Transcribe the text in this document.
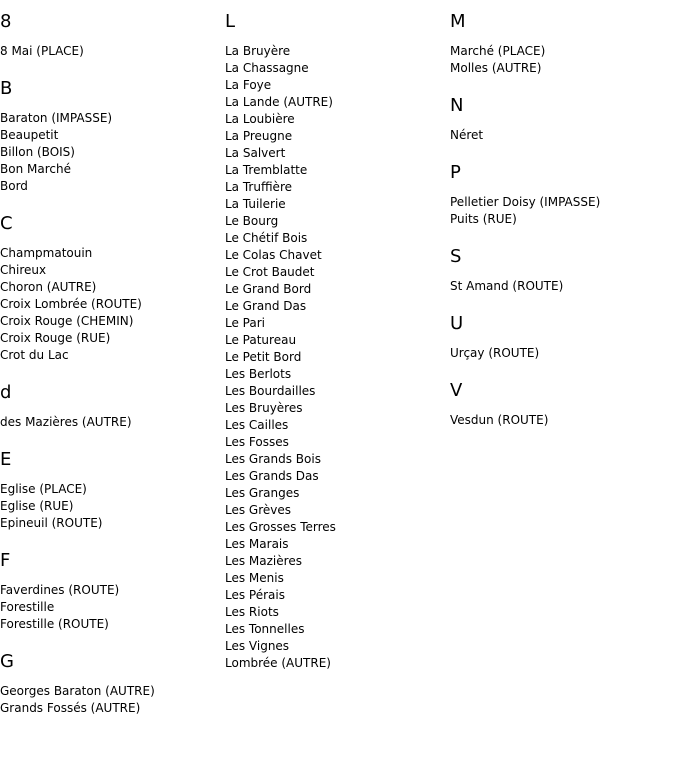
8
8 Mai (PLACE)
B
Baraton (IMPASSE)
Beaupetit
Billon (BOIS)
Bon Marché
Bord
C
Champmatouin
Chireux
Choron (AUTRE)
Croix Lombrée (ROUTE)
Croix Rouge (CHEMIN)
Croix Rouge (RUE)
Crot du Lac
d
des Mazières (AUTRE)
E
Eglise (PLACE)
Eglise (RUE)
Epineuil (ROUTE)
F
Faverdines (ROUTE)
Forestille
Forestille (ROUTE)
G
Georges Baraton (AUTRE)
Grands Fossés (AUTRE)
L
La Bruyère
La Chassagne
La Foye
La Lande (AUTRE)
La Loubière
La Preugne
La Salvert
La Tremblatte
La Truffière
La Tuilerie
Le Bourg
Le Chétif Bois
Le Colas Chavet
Le Crot Baudet
Le Grand Bord
Le Grand Das
Le Pari
Le Patureau
Le Petit Bord
Les Berlots
Les Bourdailles
Les Bruyères
Les Cailles
Les Fosses
Les Grands Bois
Les Grands Das
Les Granges
Les Grèves
Les Grosses Terres
Les Marais
Les Mazières
Les Menis
Les Pérais
Les Riots
Les Tonnelles
Les Vignes
Lombrée (AUTRE)
M
Marché (PLACE)
Molles (AUTRE)
N
Néret
P
Pelletier Doisy (IMPASSE)
Puits (RUE)
S
St Amand (ROUTE)
U
Urçay (ROUTE)
V
Vesdun (ROUTE)
